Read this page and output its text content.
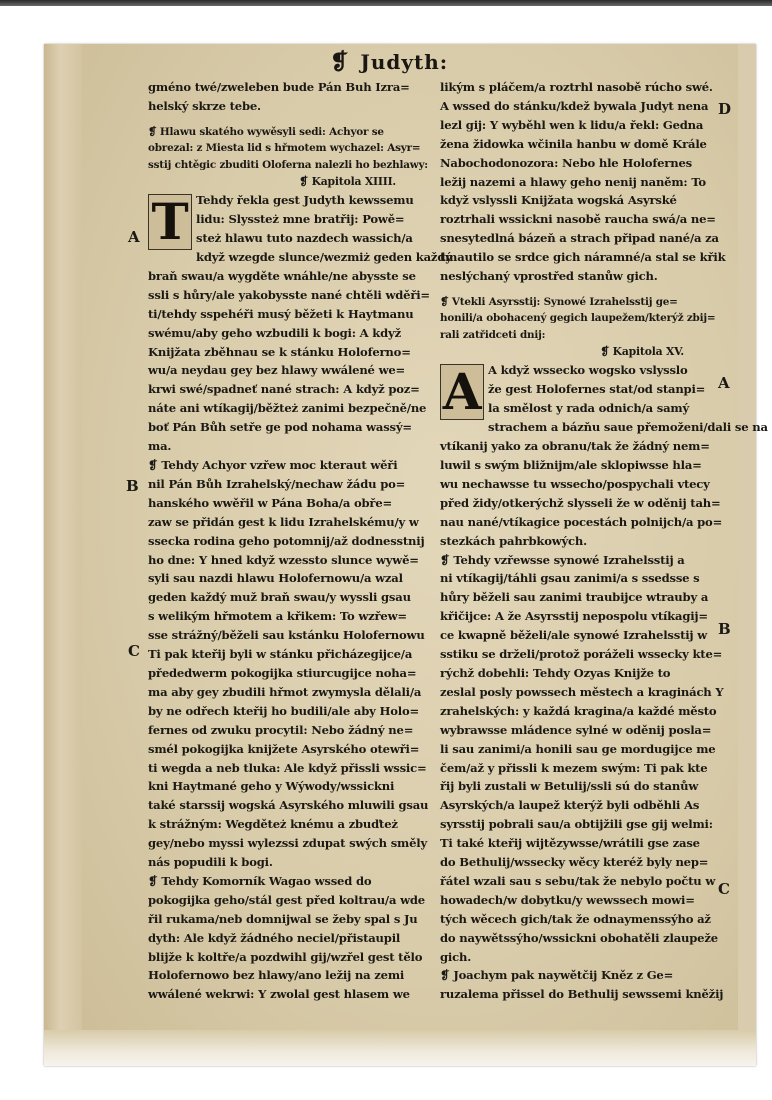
❡ Judyth:
gméno twé/zweleben bude Pán Buh Izra=
helský skrze tebe.
❡ Hlawu skatého wywěsyli sedi: Achyor se
obrezal: z Miesta lid s hřmotem wychazel: Asyr=
sstij chtěgic zbuditi Oloferna nalezli ho bezhlawy:
❡ Kapitola XIIII.
T Tehdy řekla gest Judyth kewssemu
lidu: Slyssteż mne bratřij: Powě=
steż hlawu tuto nazdech wassich/a
když wzegde slunce/wezmiż geden každý
braň swau/a wygděte wnáhle/ne abysste se
ssli s hůry/ale yakobysste nané chtěli wděři=
ti/tehdy sspehéři musý běžeti k Haytmanu
swému/aby geho wzbudili k bogi: A když
Knijžata zběhnau se k stánku Holoferno=
wu/a neydau gey bez hlawy wwálené we=
krwi swé/spadneť nané strach: A když poz=
náte ani wtíkagij/běžteż zanimi bezpečně/ne
boť Pán Bůh setře ge pod nohama wassý=
ma.
❡ Tehdy Achyor vzřew moc kteraut wěři
nil Pán Bůh Izrahelský/nechaw žádu po=
hanského wwěřil w Pána Boha/a obře=
zaw se přidán gest k lidu Izrahelskému/y w
ssecka rodina geho potomnij/až dodnesstnij
ho dne: Y hned když wzessto slunce wywě=
syli sau nazdi hlawu Holofernowu/a wzal
geden každý muž braň swau/y wyssli gsau
s welikým hřmotem a křikem: To wzřew=
sse strážný/běželi sau kstánku Holofernowu
Ti pak kteřij byli w stánku přicházegijce/a
přededwerm pokogijka stiurcugijce noha=
ma aby gey zbudili hřmot zwymysla dělali/a
by ne odřech kteřij ho budili/ale aby Holo=
fernes od zwuku procytil: Nebo žádný ne=
smél pokogijka knijžete Asyrského otewři=
ti wegda a neb tluka: Ale když přissli wssic=
kni Haytmané geho y Wýwody/wssickni
také starssij wogská Asyrského mluwili gsau
k strážným: Wegděteż knému a zbuďteż
gey/nebo myssi wylezssi zdupat swých směly
nás popudili k bogi.
❡ Tehdy Komorník Wagao wssed do
pokogijka geho/stál gest před koltrau/a wde
řil rukama/neb domnijwal se žeby spal s Ju
dyth: Ale když žádného neciel/přistaupil
blijže k koltře/a pozdwihl gij/wzřel gest tělo
Holofernowo bez hlawy/ano ležij na zemi
wwálené wekrwi: Y zwolal gest hlasem we
A
B
C
likým s pláčem/a roztrhl nasobě rúcho swé.
A wssed do stánku/kdež bywala Judyt nena
lezl gij: Y wyběhl wen k lidu/a řekl: Gedna
žena židowka wčinila hanbu w domě Krále
Nabochodonozora: Nebo hle Holofernes
ležij nazemi a hlawy geho nenij naněm: To
když vslyssli Knijžata wogská Asyrské
roztrhali wssickni nasobě raucha swá/a ne=
snesytedlná bázeň a strach připad nané/a za
tmautilo se srdce gich náramné/a stal se křik
neslýchaný vprostřed stanůw gich.
❡ Vtekli Asyrsstij: Synowé Izrahelsstij ge=
honili/a obohacený gegich laupežem/kterýž zbij=
rali zatřidceti dnij:
❡ Kapitola XV.
A A když wssecko wogsko vslysslo
že gest Holofernes stat/od stanpi=
la smělost y rada odnich/a samý
strachem a bázňu saue přemoženi/dali se na
vtíkanij yako za obranu/tak že žádný nem=
luwil s swým bližnijm/ale sklopiwsse hla=
wu nechawsse tu wssecho/pospychali vtecy
před židy/otkerýchž slysseli že w oděnij tah=
nau nané/vtíkagice pocestách polnijch/a po=
stezkách pahrbkowých.
❡ Tehdy vzřewsse synowé Izrahelsstij a
ni vtíkagij/táhli gsau zanimi/a s ssedsse s
hůry běželi sau zanimi traubijce wtrauby a
křičijce: A že Asyrsstij nepospolu vtíkagij=
ce kwapně běželi/ale synowé Izrahelsstij w
sstiku se drželi/protož poráželi wssecky kte=
rýchž dobehli: Tehdy Ozyas Knijže to
zeslal posly powssech městech a kraginách Y
zrahelských: y každá kragina/a každé město
wybrawsse mládence sylné w oděnij posla=
li sau zanimi/a honili sau ge mordugijce me
čem/až y přissli k mezem swým: Ti pak kte
řij byli zustali w Betulij/ssli sú do stanůw
Asyrských/a laupež kterýž byli odběhli As
syrsstij pobrali sau/a obtijžili gse gij welmi:
Ti také kteřij wijtězywsse/wrátili gse zase
do Bethulij/wssecky wěcy kteréž byly nep=
řátel wzali sau s sebu/tak že nebylo počtu w
howadech/w dobytku/y wewssech mowi=
tých wěcech gich/tak že odnaymenssýho až
do naywětssýho/wssickni obohatěli zlaupeže
gich.
❡ Joachym pak naywětčij Kněz z Ge=
ruzalema přissel do Bethulij sewssemi kněžij
D
A
B
C
